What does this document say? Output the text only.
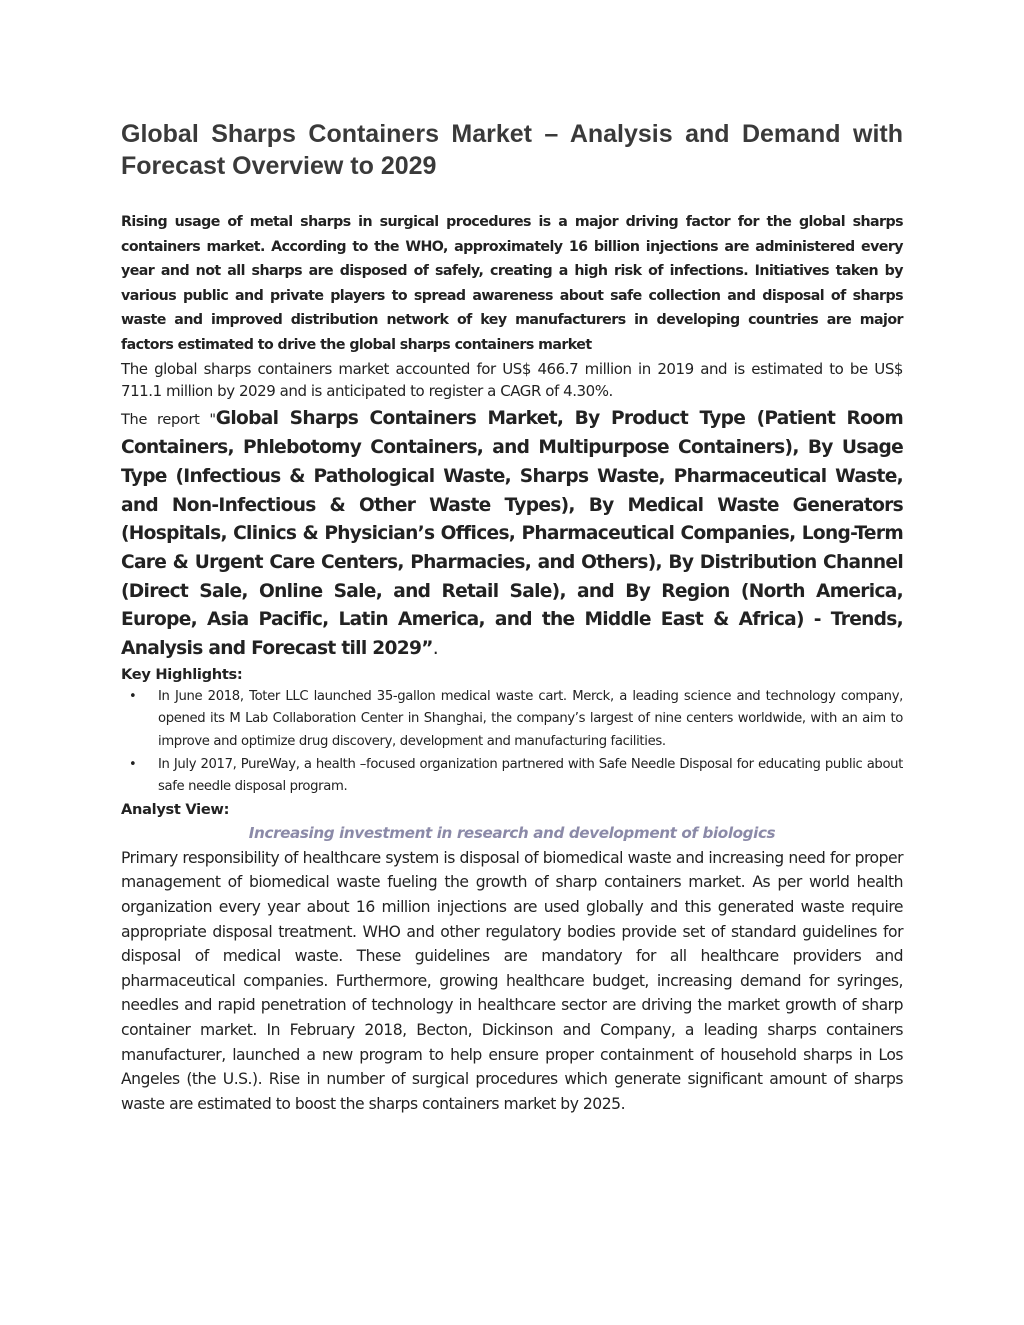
Global Sharps Containers Market – Analysis and Demand with Forecast Overview to 2029

Rising usage of metal sharps in surgical procedures is a major driving factor for the global sharps containers market. According to the WHO, approximately 16 billion injections are administered every year and not all sharps are disposed of safely, creating a high risk of infections. Initiatives taken by various public and private players to spread awareness about safe collection and disposal of sharps waste and improved distribution network of key manufacturers in developing countries are major factors estimated to drive the global sharps containers market

The global sharps containers market accounted for US$ 466.7 million in 2019 and is estimated to be US$ 711.1 million by 2029 and is anticipated to register a CAGR of 4.30%.

The report "Global Sharps Containers Market, By Product Type (Patient Room Containers, Phlebotomy Containers, and Multipurpose Containers), By Usage Type (Infectious & Pathological Waste, Sharps Waste, Pharmaceutical Waste, and Non-Infectious & Other Waste Types), By Medical Waste Generators (Hospitals, Clinics & Physician’s Offices, Pharmaceutical Companies, Long-Term Care & Urgent Care Centers, Pharmacies, and Others), By Distribution Channel (Direct Sale, Online Sale, and Retail Sale), and By Region (North America, Europe, Asia Pacific, Latin America, and the Middle East & Africa) - Trends, Analysis and Forecast till 2029”.

Key Highlights:
• In June 2018, Toter LLC launched 35-gallon medical waste cart. Merck, a leading science and technology company, opened its M Lab Collaboration Center in Shanghai, the company’s largest of nine centers worldwide, with an aim to improve and optimize drug discovery, development and manufacturing facilities.
• In July 2017, PureWay, a health –focused organization partnered with Safe Needle Disposal for educating public about safe needle disposal program.
Analyst View:

Increasing investment in research and development of biologics

Primary responsibility of healthcare system is disposal of biomedical waste and increasing need for proper management of biomedical waste fueling the growth of sharp containers market. As per world health organization every year about 16 million injections are used globally and this generated waste require appropriate disposal treatment. WHO and other regulatory bodies provide set of standard guidelines for disposal of medical waste. These guidelines are mandatory for all healthcare providers and pharmaceutical companies. Furthermore, growing healthcare budget, increasing demand for syringes, needles and rapid penetration of technology in healthcare sector are driving the market growth of sharp container market. In February 2018, Becton, Dickinson and Company, a leading sharps containers manufacturer, launched a new program to help ensure proper containment of household sharps in Los Angeles (the U.S.). Rise in number of surgical procedures which generate significant amount of sharps waste are estimated to boost the sharps containers market by 2025.
